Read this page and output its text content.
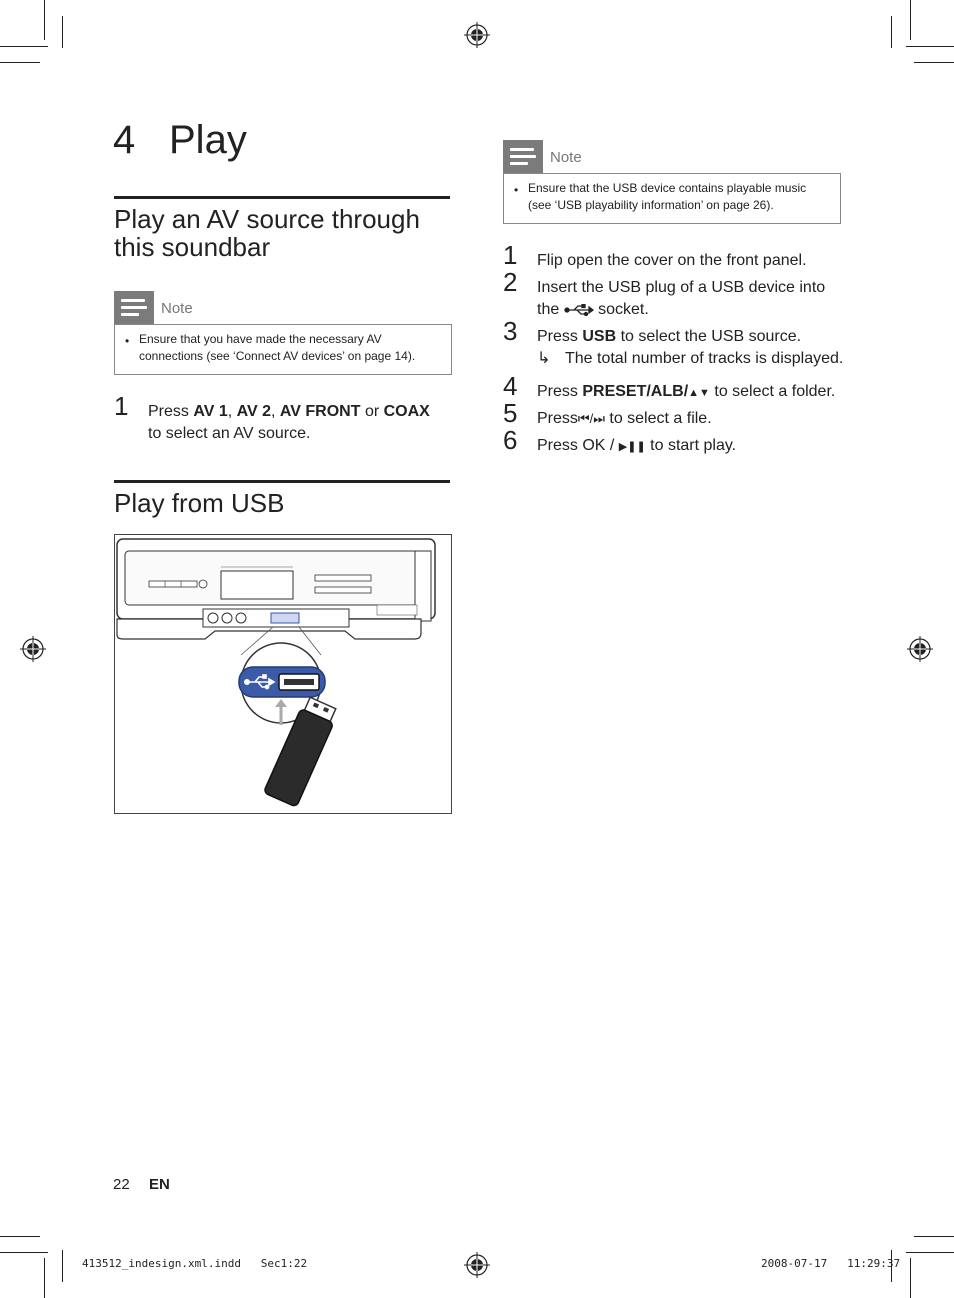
4 Play
Play an AV source through
this soundbar
Note
• Ensure that you have made the necessary AV
connections (see ‘Connect AV devices’ on page 14).
1 Press AV 1, AV 2, AV FRONT or COAX
to select an AV source.
Play from USB
Note
• Ensure that the USB device contains playable music
(see ‘USB playability information’ on page 26).
1 Flip open the cover on the front panel.
2 Insert the USB plug of a USB device into
the  socket.
3 Press USB to select the USB source.
↳ The total number of tracks is displayed.
4 Press PRESET/ALB/▲▼ to select a folder.
5 Press⏮/⏭ to select a file.
6 Press OK / ▶❚❚ to start play.
22 EN
413512_indesign.xml.indd   Sec1:22	2008-07-17   11:29:37
